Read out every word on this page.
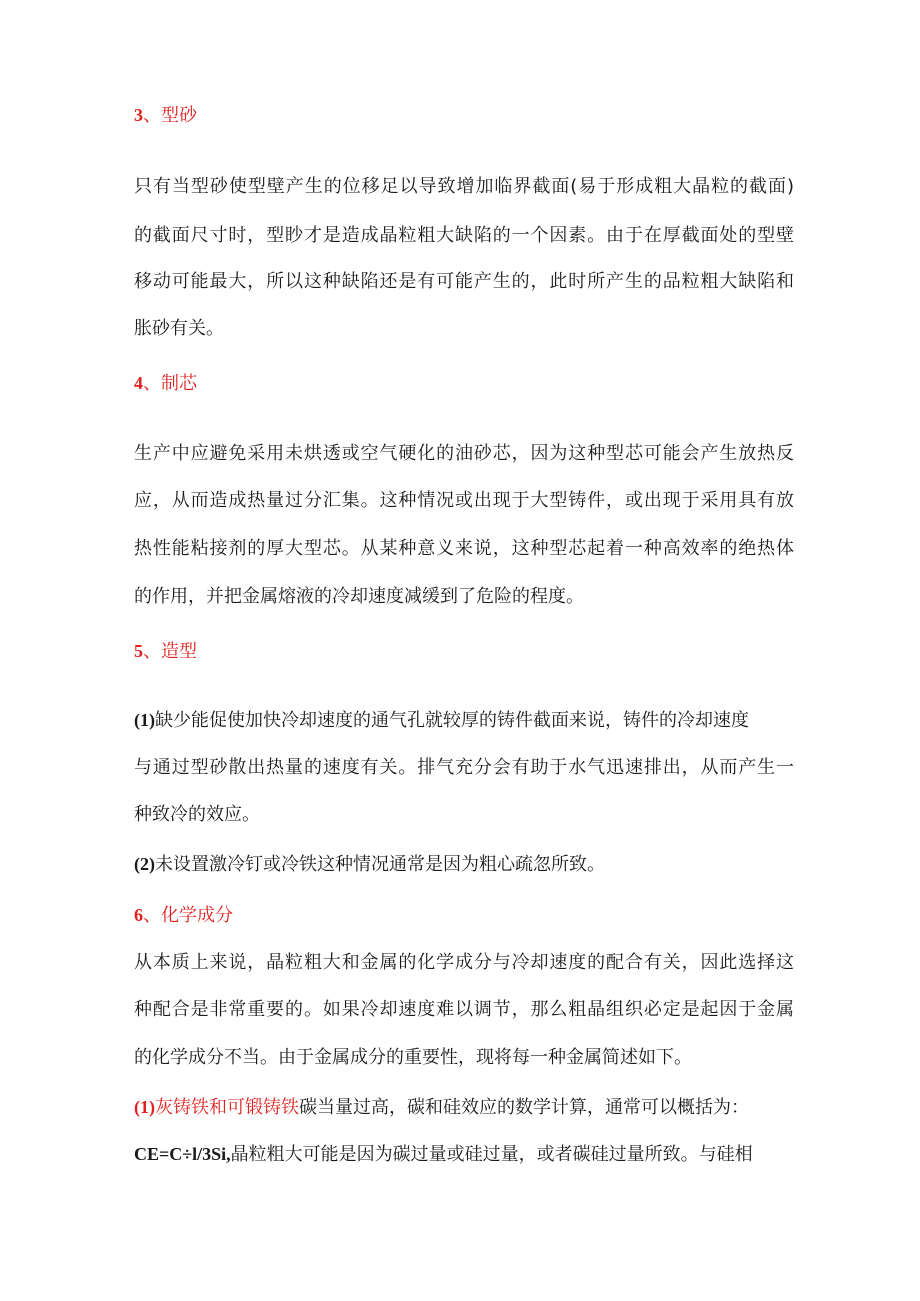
3、型砂
只有当型砂使型壁产生的位移足以导致增加临界截面(易于形成粗大晶粒的截面)
的截面尺寸时，型眇才是造成晶粒粗大缺陷的一个因素。由于在厚截面处的型壁
移动可能最大，所以这种缺陷还是有可能产生的，此时所产生的品粒粗大缺陷和
胀砂有关。
4、制芯
生产中应避免采用未烘透或空气硬化的油砂芯，因为这种型芯可能会产生放热反
应，从而造成热量过分汇集。这种情况或出现于大型铸件，或出现于采用具有放
热性能粘接剂的厚大型芯。从某种意义来说，这种型芯起着一种高效率的绝热体
的作用，并把金属熔液的冷却速度减缓到了危险的程度。
5、造型
(1)缺少能促使加快冷却速度的通气孔就较厚的铸件截面来说，铸件的冷却速度
与通过型砂散出热量的速度有关。排气充分会有助于水气迅速排出，从而产生一
种致冷的效应。
(2)未设置激冷钉或冷铁这种情况通常是因为粗心疏忽所致。
6、化学成分
从本质上来说，晶粒粗大和金属的化学成分与冷却速度的配合有关，因此选择这
种配合是非常重要的。如果冷却速度难以调节，那么粗晶组织必定是起因于金属
的化学成分不当。由于金属成分的重要性，现将每一种金属简述如下。
(1)灰铸铁和可锻铸铁碳当量过高，碳和硅效应的数学计算，通常可以概括为：
CE=C÷l/3Si,晶粒粗大可能是因为碳过量或硅过量，或者碳硅过量所致。与硅相
